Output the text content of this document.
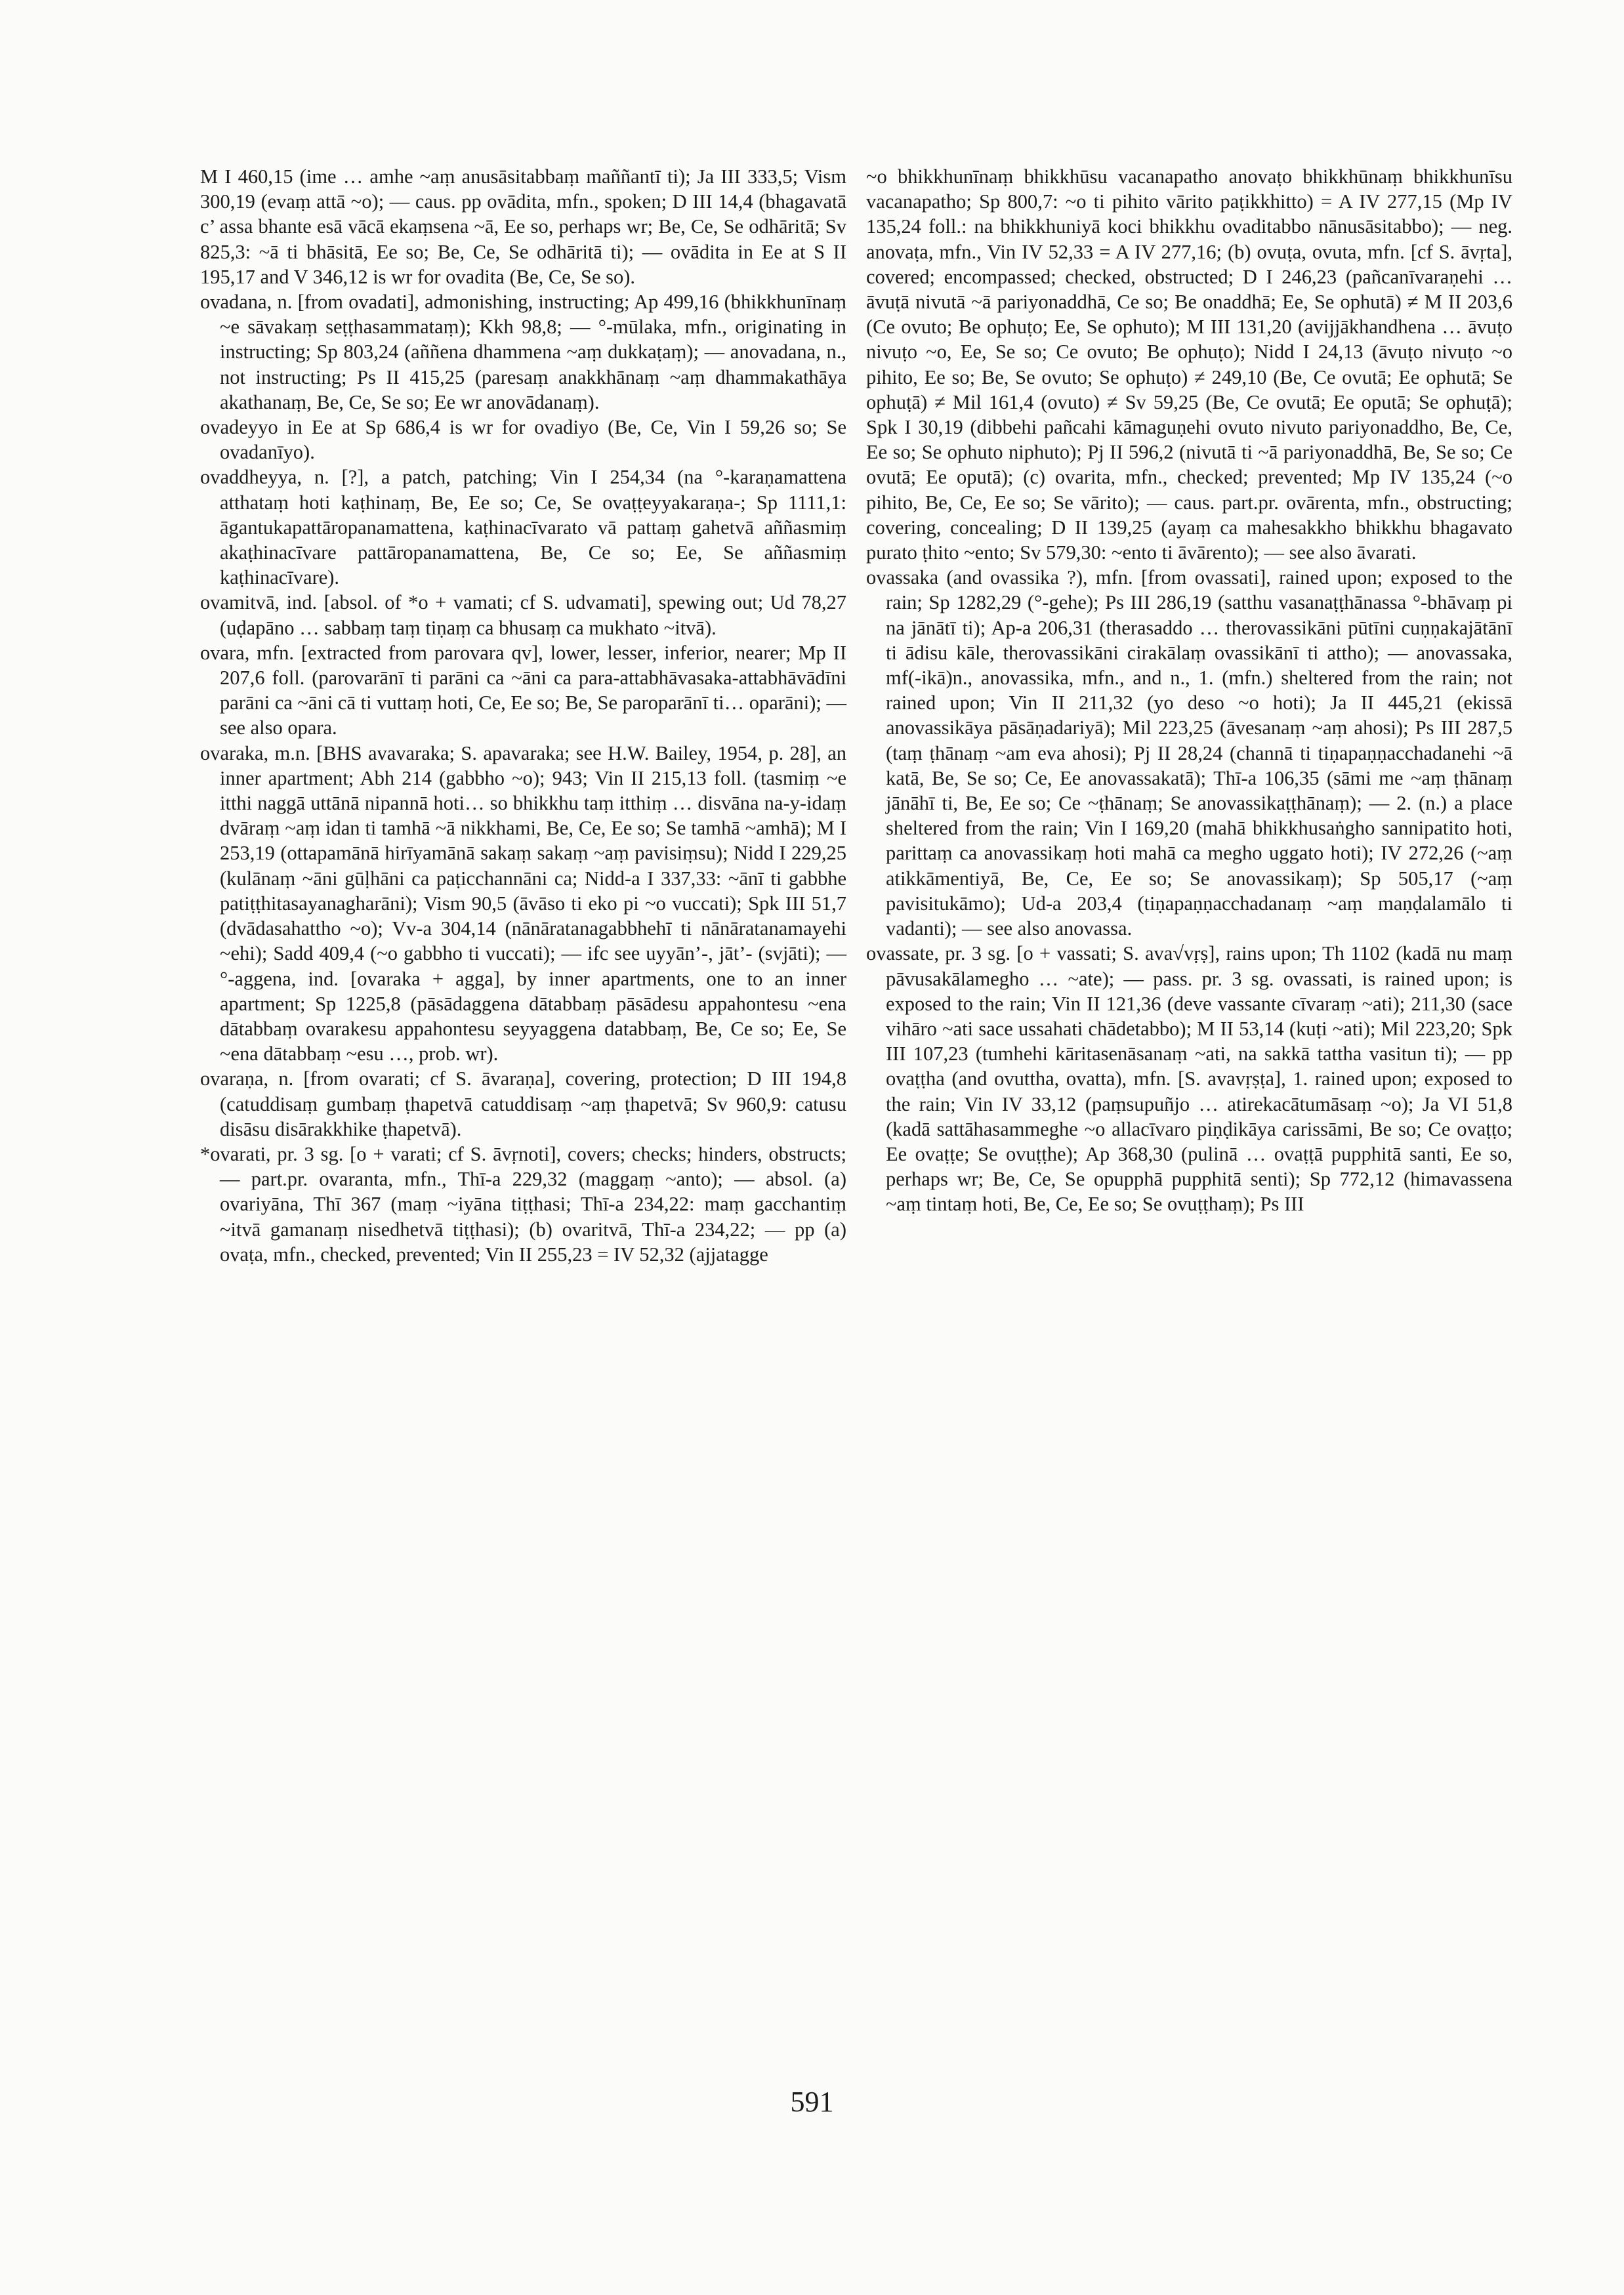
M I 460,15 (ime … amhe ~aṃ anusāsitabbaṃ maññantī ti); Ja III 333,5; Vism 300,19 (evaṃ attā ~o); — caus. pp ovādita, mfn., spoken; D III 14,4 (bhagavatā c’ assa bhante esā vācā ekaṃsena ~ā, Ee so, perhaps wr; Be, Ce, Se odhāritā; Sv 825,3: ~ā ti bhāsitā, Ee so; Be, Ce, Se odhāritā ti); — ovādita in Ee at S II 195,17 and V 346,12 is wr for ovadita (Be, Ce, Se so).

ovadana, n. [from ovadati], admonishing, instructing; Ap 499,16 (bhikkhunīnaṃ ~e sāvakaṃ seṭṭhasammataṃ); Kkh 98,8; — °-mūlaka, mfn., originating in instructing; Sp 803,24 (aññena dhammena ~aṃ dukkaṭaṃ); — anovadana, n., not instructing; Ps II 415,25 (paresaṃ anakkhānaṃ ~aṃ dhammakathāya akathanaṃ, Be, Ce, Se so; Ee wr anovādanaṃ).

ovadeyyo in Ee at Sp 686,4 is wr for ovadiyo (Be, Ce, Vin I 59,26 so; Se ovadanīyo).

ovaddheyya, n. [?], a patch, patching; Vin I 254,34 (na °-karaṇamattena atthataṃ hoti kaṭhinaṃ, Be, Ee so; Ce, Se ovaṭṭeyyakaraṇa-; Sp 1111,1: āgantukapattāropanamattena, kaṭhinacīvarato vā pattaṃ gahetvā aññasmiṃ akaṭhinacīvare pattāropanamattena, Be, Ce so; Ee, Se aññasmiṃ kaṭhinacīvare).

ovamitvā, ind. [absol. of *o + vamati; cf S. udvamati], spewing out; Ud 78,27 (uḍapāno … sabbaṃ taṃ tiṇaṃ ca bhusaṃ ca mukhato ~itvā).

ovara, mfn. [extracted from parovara qv], lower, lesser, inferior, nearer; Mp II 207,6 foll. (parovarānī ti parāni ca ~āni ca para-attabhāvasaka-attabhāvādīni parāni ca ~āni cā ti vuttaṃ hoti, Ce, Ee so; Be, Se paroparānī ti… oparāni); — see also opara.

ovaraka, m.n. [BHS avavaraka; S. apavaraka; see H.W. Bailey, 1954, p. 28], an inner apartment; Abh 214 (gabbho ~o); 943; Vin II 215,13 foll. (tasmiṃ ~e itthi naggā uttānā nipannā hoti… so bhikkhu taṃ itthiṃ … disvāna na-y-idaṃ dvāraṃ ~aṃ idan ti tamhā ~ā nikkhami, Be, Ce, Ee so; Se tamhā ~amhā); M I 253,19 (ottapamānā hirīyamānā sakaṃ sakaṃ ~aṃ pavisiṃsu); Nidd I 229,25 (kulānaṃ ~āni gūḷhāni ca paṭicchannāni ca; Nidd-a I 337,33: ~ānī ti gabbhe patiṭṭhitasayanagharāni); Vism 90,5 (āvāso ti eko pi ~o vuccati); Spk III 51,7 (dvādasahattho ~o); Vv-a 304,14 (nānāratanagabbhehī ti nānāratanamayehi ~ehi); Sadd 409,4 (~o gabbho ti vuccati); — ifc see uyyān’-, jāt’- (svjāti); — °-aggena, ind. [ovaraka + agga], by inner apartments, one to an inner apartment; Sp 1225,8 (pāsādaggena dātabbaṃ pāsādesu appahontesu ~ena dātabbaṃ ovarakesu appahontesu seyyaggena databbaṃ, Be, Ce so; Ee, Se ~ena dātabbaṃ ~esu …, prob. wr).

ovaraṇa, n. [from ovarati; cf S. āvaraṇa], covering, protection; D III 194,8 (catuddisaṃ gumbaṃ ṭhapetvā catuddisaṃ ~aṃ ṭhapetvā; Sv 960,9: catusu disāsu disārakkhike ṭhapetvā).

*ovarati, pr. 3 sg. [o + varati; cf S. āvṛnoti], covers; checks; hinders, obstructs; — part.pr. ovaranta, mfn., Thī-a 229,32 (maggaṃ ~anto); — absol. (a) ovariyāna, Thī 367 (maṃ ~iyāna tiṭṭhasi; Thī-a 234,22: maṃ gacchantiṃ ~itvā gamanaṃ nisedhetvā tiṭṭhasi); (b) ovaritvā, Thī-a 234,22; — pp (a) ovaṭa, mfn., checked, prevented; Vin II 255,23 = IV 52,32 (ajjatagge

~o bhikkhunīnaṃ bhikkhūsu vacanapatho anovaṭo bhikkhūnaṃ bhikkhunīsu vacanapatho; Sp 800,7: ~o ti pihito vārito paṭikkhitto) = A IV 277,15 (Mp IV 135,24 foll.: na bhikkhuniyā koci bhikkhu ovaditabbo nānusāsitabbo); — neg. anovaṭa, mfn., Vin IV 52,33 = A IV 277,16; (b) ovuṭa, ovuta, mfn. [cf S. āvṛta], covered; encompassed; checked, obstructed; D I 246,23 (pañcanīvaraṇehi … āvuṭā nivutā ~ā pariyonaddhā, Ce so; Be onaddhā; Ee, Se ophutā) ≠ M II 203,6 (Ce ovuto; Be ophuṭo; Ee, Se ophuto); M III 131,20 (avijjākhandhena … āvuṭo nivuṭo ~o, Ee, Se so; Ce ovuto; Be ophuṭo); Nidd I 24,13 (āvuṭo nivuṭo ~o pihito, Ee so; Be, Se ovuto; Se ophuṭo) ≠ 249,10 (Be, Ce ovutā; Ee ophutā; Se ophuṭā) ≠ Mil 161,4 (ovuto) ≠ Sv 59,25 (Be, Ce ovutā; Ee oputā; Se ophuṭā); Spk I 30,19 (dibbehi pañcahi kāmaguṇehi ovuto nivuto pariyonaddho, Be, Ce, Ee so; Se ophuto niphuto); Pj II 596,2 (nivutā ti ~ā pariyonaddhā, Be, Se so; Ce ovutā; Ee oputā); (c) ovarita, mfn., checked; prevented; Mp IV 135,24 (~o pihito, Be, Ce, Ee so; Se vārito); — caus. part.pr. ovārenta, mfn., obstructing; covering, concealing; D II 139,25 (ayaṃ ca mahesakkho bhikkhu bhagavato purato ṭhito ~ento; Sv 579,30: ~ento ti āvārento); — see also āvarati.

ovassaka (and ovassika ?), mfn. [from ovassati], rained upon; exposed to the rain; Sp 1282,29 (°-gehe); Ps III 286,19 (satthu vasanaṭṭhānassa °-bhāvaṃ pi na jānātī ti); Ap-a 206,31 (therasaddo … therovassikāni pūtīni cuṇṇakajātānī ti ādisu kāle, therovassikāni cirakālaṃ ovassikānī ti attho); — anovassaka, mf(-ikā)n., anovassika, mfn., and n., 1. (mfn.) sheltered from the rain; not rained upon; Vin II 211,32 (yo deso ~o hoti); Ja II 445,21 (ekissā anovassikāya pāsāṇadariyā); Mil 223,25 (āvesanaṃ ~aṃ ahosi); Ps III 287,5 (taṃ ṭhānaṃ ~am eva ahosi); Pj II 28,24 (channā ti tiṇapaṇṇacchadanehi ~ā katā, Be, Se so; Ce, Ee anovassakatā); Thī-a 106,35 (sāmi me ~aṃ ṭhānaṃ jānāhī ti, Be, Ee so; Ce ~ṭhānaṃ; Se anovassikaṭṭhānaṃ); — 2. (n.) a place sheltered from the rain; Vin I 169,20 (mahā bhikkhusaṅgho sannipatito hoti, parittaṃ ca anovassikaṃ hoti mahā ca megho uggato hoti); IV 272,26 (~aṃ atikkāmentiyā, Be, Ce, Ee so; Se anovassikaṃ); Sp 505,17 (~aṃ pavisitukāmo); Ud-a 203,4 (tiṇapaṇṇacchadanaṃ ~aṃ maṇḍalamālo ti vadanti); — see also anovassa.

ovassate, pr. 3 sg. [o + vassati; S. ava√vṛṣ], rains upon; Th 1102 (kadā nu maṃ pāvusakālamegho … ~ate); — pass. pr. 3 sg. ovassati, is rained upon; is exposed to the rain; Vin II 121,36 (deve vassante cīvaraṃ ~ati); 211,30 (sace vihāro ~ati sace ussahati chādetabbo); M II 53,14 (kuṭi ~ati); Mil 223,20; Spk III 107,23 (tumhehi kāritasenāsanaṃ ~ati, na sakkā tattha vasitun ti); — pp ovaṭṭha (and ovuttha, ovatta), mfn. [S. avavṛṣṭa], 1. rained upon; exposed to the rain; Vin IV 33,12 (paṃsupuñjo … atirekacātumāsaṃ ~o); Ja VI 51,8 (kadā sattāhasammeghe ~o allacīvaro piṇḍikāya carissāmi, Be so; Ce ovaṭṭo; Ee ovaṭṭe; Se ovuṭṭhe); Ap 368,30 (pulinā … ovaṭṭā pupphitā santi, Ee so, perhaps wr; Be, Ce, Se opupphā pupphitā senti); Sp 772,12 (himavassena ~aṃ tintaṃ hoti, Be, Ce, Ee so; Se ovuṭṭhaṃ); Ps III

591
